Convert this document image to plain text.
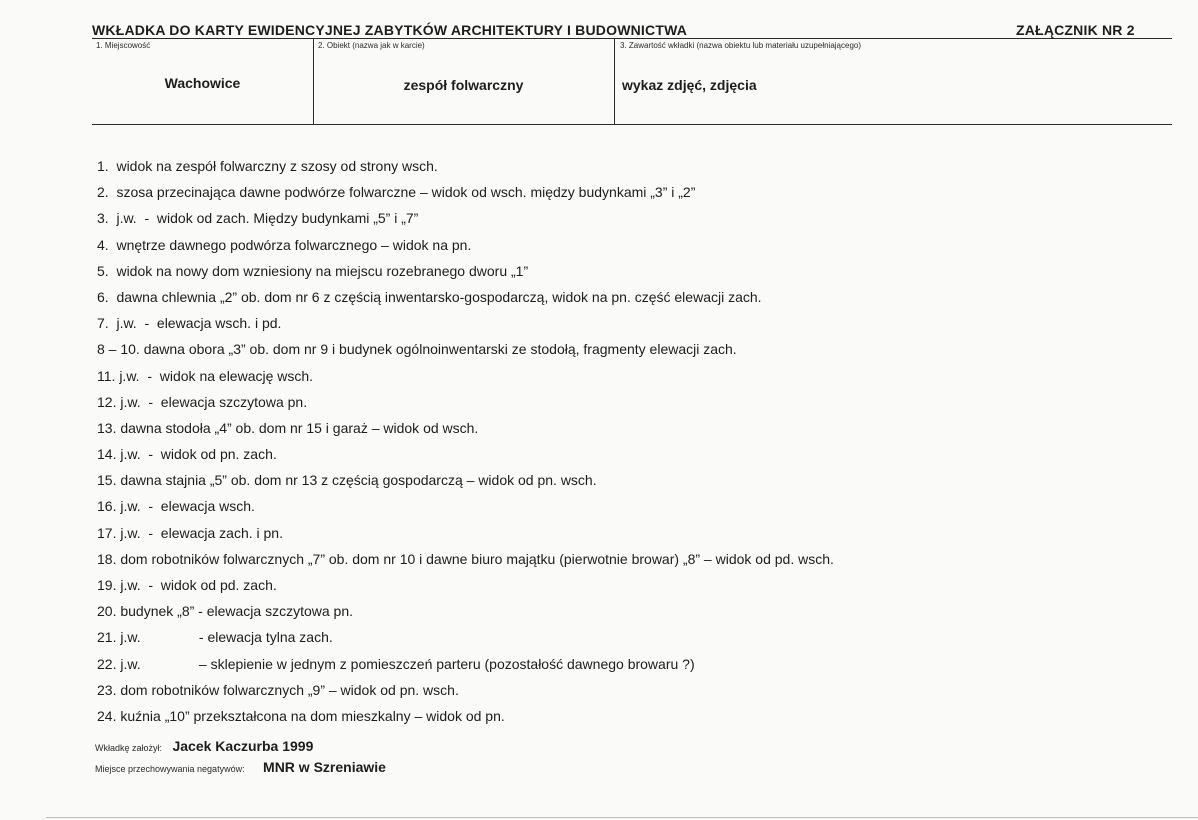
WKŁADKA DO KARTY EWIDENCYJNEJ ZABYTKÓW ARCHITEKTURY I BUDOWNICTWA	ZAŁĄCZNIK NR 2
1. Miejscowość	2. Obiekt (nazwa jak w karcie)	3. Zawartość wkładki (nazwa obiektu lub materiału uzupełniającego)
Wachowice	zespół folwarczny	wykaz zdjęć, zdjęcia
1.  widok na zespół folwarczny z szosy od strony wsch.
2.  szosa przecinająca dawne podwórze folwarczne – widok od wsch. między budynkami „3” i „2”
3.  j.w.  -  widok od zach. Między budynkami „5” i „7”
4.  wnętrze dawnego podwórza folwarcznego – widok na pn.
5.  widok na nowy dom wzniesiony na miejscu rozebranego dworu „1”
6.  dawna chlewnia „2” ob. dom nr 6 z częścią inwentarsko-gospodarczą, widok na pn. część elewacji zach.
7.  j.w.  -  elewacja wsch. i pd.
8 – 10. dawna obora „3” ob. dom nr 9 i budynek ogólnoinwentarski ze stodołą, fragmenty elewacji zach.
11. j.w.  -  widok na elewację wsch.
12. j.w.  -  elewacja szczytowa pn.
13. dawna stodoła „4” ob. dom nr 15 i garaż – widok od wsch.
14. j.w.  -  widok od pn. zach.
15. dawna stajnia „5” ob. dom nr 13 z częścią gospodarczą – widok od pn. wsch.
16. j.w.  -  elewacja wsch.
17. j.w.  -  elewacja zach. i pn.
18. dom robotników folwarcznych „7” ob. dom nr 10 i dawne biuro majątku (pierwotnie browar) „8” – widok od pd. wsch.
19. j.w.  -  widok od pd. zach.
20. budynek „8” - elewacja szczytowa pn.
21. j.w.               - elewacja tylna zach.
22. j.w.               – sklepienie w jednym z pomieszczeń parteru (pozostałość dawnego browaru ?)
23. dom robotników folwarcznych „9” – widok od pn. wsch.
24. kuźnia „10” przekształcona na dom mieszkalny – widok od pn.
Wkładkę założył: Jacek Kaczurba 1999
Miejsce przechowywania negatywów: MNR w Szreniawie
